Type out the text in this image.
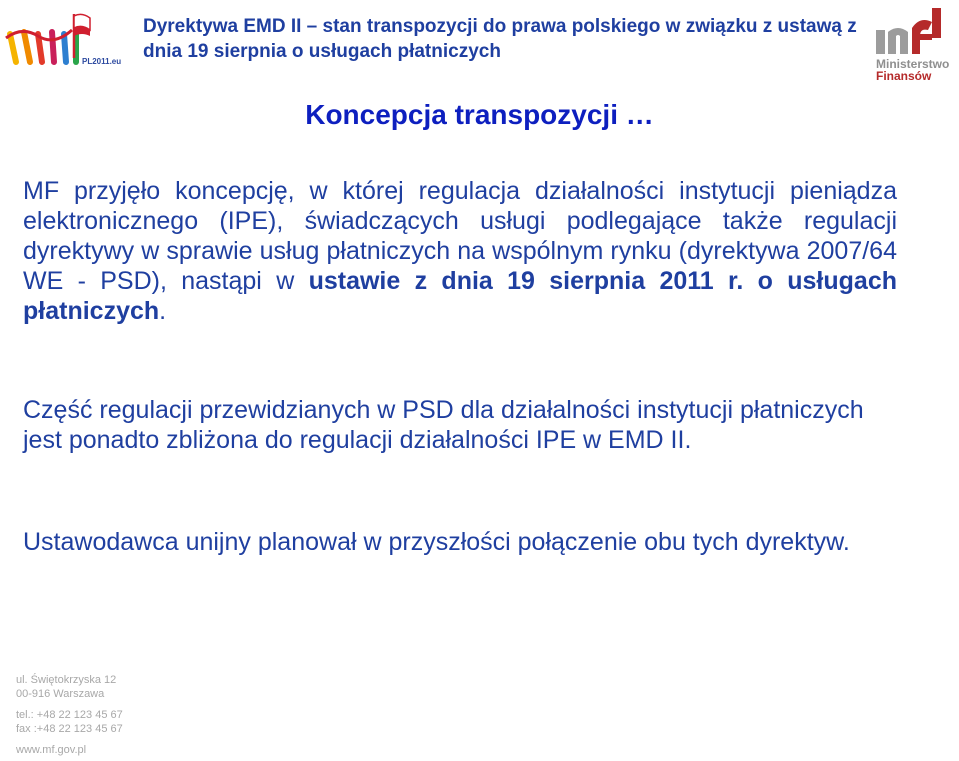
PL2011.eu

Dyrektywa EMD II – stan transpozycji do prawa polskiego w związku z ustawą z dnia 19 sierpnia o usługach płatniczych

Ministerstwo
Finansów
Koncepcja transpozycji …

MF przyjęło koncepcję, w której regulacja działalności instytucji pieniądza elektronicznego (IPE), świadczących usługi podlegające także regulacji dyrektywy w sprawie usług płatniczych na wspólnym rynku (dyrektywa 2007/64 WE - PSD), nastąpi w ustawie z dnia 19 sierpnia 2011 r. o usługach płatniczych.

Część regulacji przewidzianych w PSD dla działalności instytucji płatniczych jest ponadto zbliżona do regulacji działalności IPE w EMD II.

Ustawodawca unijny planował w przyszłości połączenie obu tych dyrektyw.

ul. Świętokrzyska 12
00-916 Warszawa
tel.: +48 22 123 45 67
fax :+48 22 123 45 67
www.mf.gov.pl
